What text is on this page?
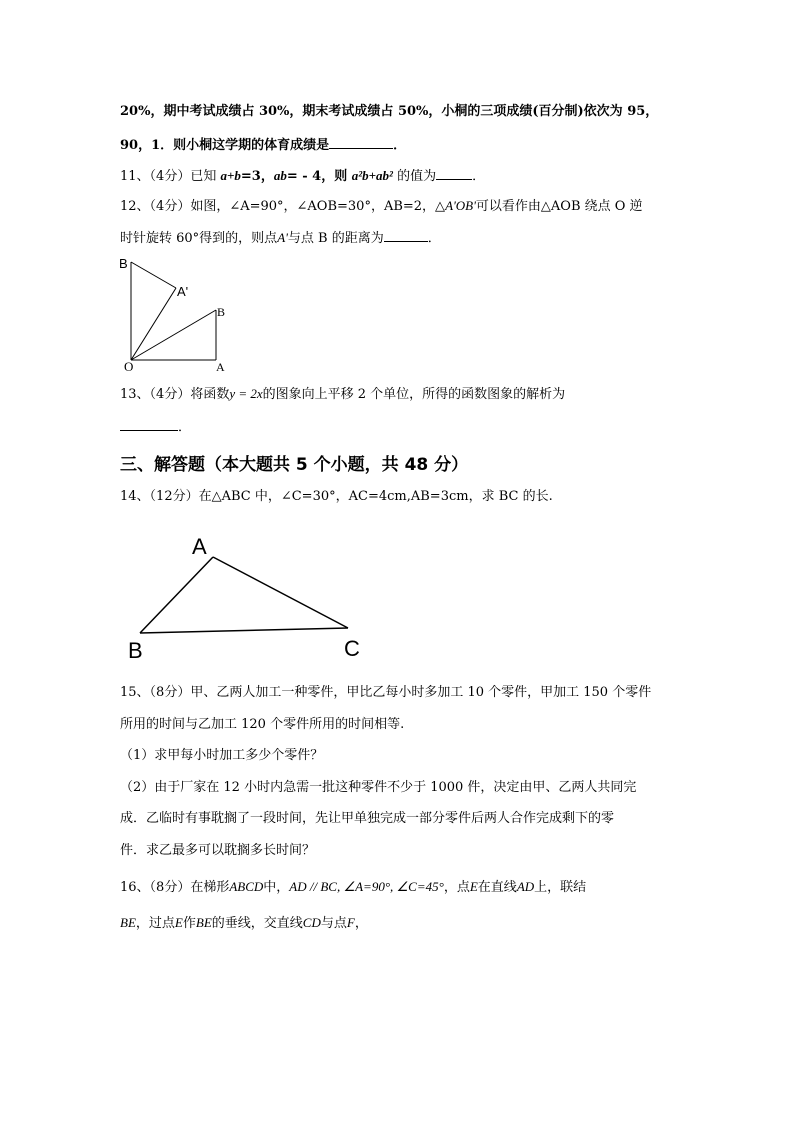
20%，期中考试成绩占 30%，期末考试成绩占 50%，小桐的三项成绩(百分制)依次为 95，
90，1．则小桐这学期的体育成绩是	．
11、（4分）已知 a+b=3，ab= - 4，则 a²b+ab² 的值为	．
12、（4分）如图，∠A=90°，∠AOB=30°，AB=2，△A'OB'可以看作由△AOB 绕点 O 逆
时针旋转 60°得到的，则点A'与点 B 的距离为	．
B
A'
B
O	A
13、（4分）将函数y = 2x的图象向上平移 2 个单位，所得的函数图象的解析为
．
三、解答题（本大题共 5 个小题，共 48 分）
14、（12分）在△ABC 中，∠C=30°，AC=4cm,AB=3cm，求 BC 的长.
A
B	C
15、（8分）甲、乙两人加工一种零件，甲比乙每小时多加工 10 个零件，甲加工 150 个零件
所用的时间与乙加工 120 个零件所用的时间相等.
（1）求甲每小时加工多少个零件？
（2）由于厂家在 12 小时内急需一批这种零件不少于 1000 件，决定由甲、乙两人共同完
成．乙临时有事耽搁了一段时间，先让甲单独完成一部分零件后两人合作完成剩下的零
件．求乙最多可以耽搁多长时间？
16、（8分）在梯形ABCD中，AD // BC, ∠A=90°, ∠C=45°，点E在直线AD上，联结
BE，过点E作BE的垂线，交直线CD与点F，
